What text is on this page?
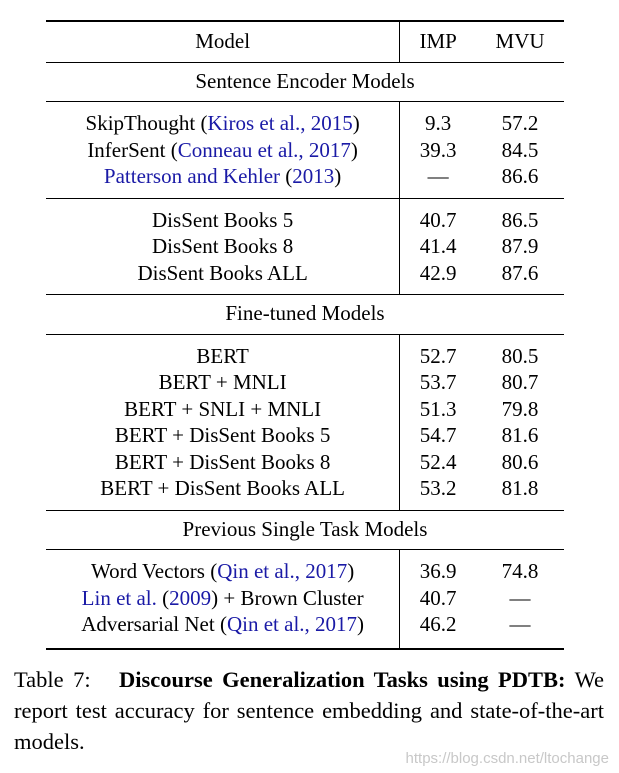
Model	IMP	MVU
Sentence Encoder Models		
SkipThought (Kiros et al., 2015)	9.3	57.2
InferSent (Conneau et al., 2017)	39.3	84.5
Patterson and Kehler (2013)	—	86.6
DisSent Books 5	40.7	86.5
DisSent Books 8	41.4	87.9
DisSent Books ALL	42.9	87.6
Fine-tuned Models		
BERT	52.7	80.5
BERT + MNLI	53.7	80.7
BERT + SNLI + MNLI	51.3	79.8
BERT + DisSent Books 5	54.7	81.6
BERT + DisSent Books 8	52.4	80.6
BERT + DisSent Books ALL	53.2	81.8
Previous Single Task Models		
Word Vectors (Qin et al., 2017)	36.9	74.8
Lin et al. (2009) + Brown Cluster	40.7	—
Adversarial Net (Qin et al., 2017)	46.2	—
Table 7: Discourse Generalization Tasks using PDTB: We report test accuracy for sentence embedding and state-of-the-art models.
https://blog.csdn.net/ltochange
